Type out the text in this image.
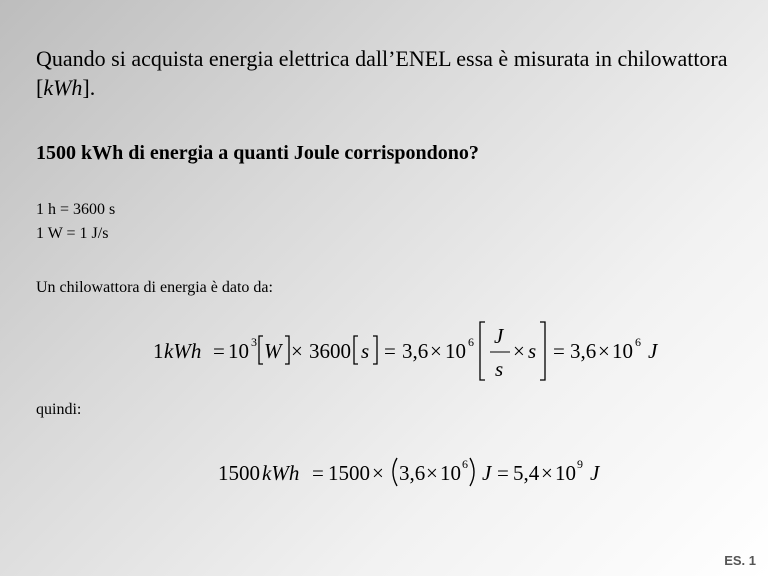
Quando si acquista energia elettrica dall’ENEL essa è misurata in chilowattora [kWh].
1500 kWh di energia a quanti Joule corrispondono?
1 h = 3600 s
1 W = 1 J/s
Un chilowattora di energia è dato da:
1 kWh = 10 3 W × 3600 s = 3,6 × 10 6 J
s
× s = 3,6 × 10 6 J
quindi:
1500 kWh = 1500 × 3,6 × 10 6 J = 5,4 × 10 9 J
ES. 1
